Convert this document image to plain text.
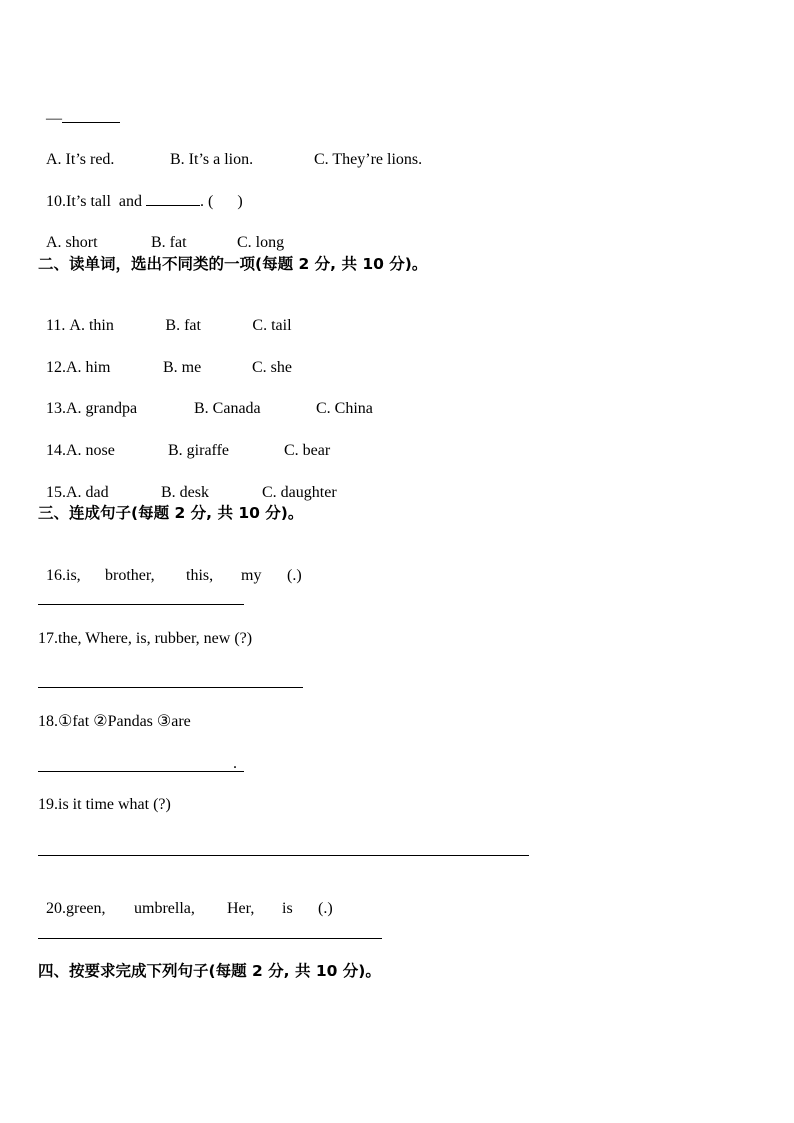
—

A. It’s red.	B. It’s a lion.	C. They’re lions.

10.It’s tall  and	. (      )

A. short	B. fat	C. long

二、读单词，选出不同类的一项(每题 2 分, 共 10 分)。

11. A. thin	B. fat	C. tail

12.A. him	B. me	C. she

13.A. grandpa	B. Canada	C. China

14.A. nose	B. giraffe	C. bear

15.A. dad	B. desk	C. daughter

三、连成句子(每题 2 分, 共 10 分)。

16.is, brother, this, my (.)

17.the, Where, is, rubber, new (?)
18.①fat ②Pandas ③are
.
19.is it time what (?)

20.green, umbrella, Her, is (.)

四、按要求完成下列句子(每题 2 分, 共 10 分)。
